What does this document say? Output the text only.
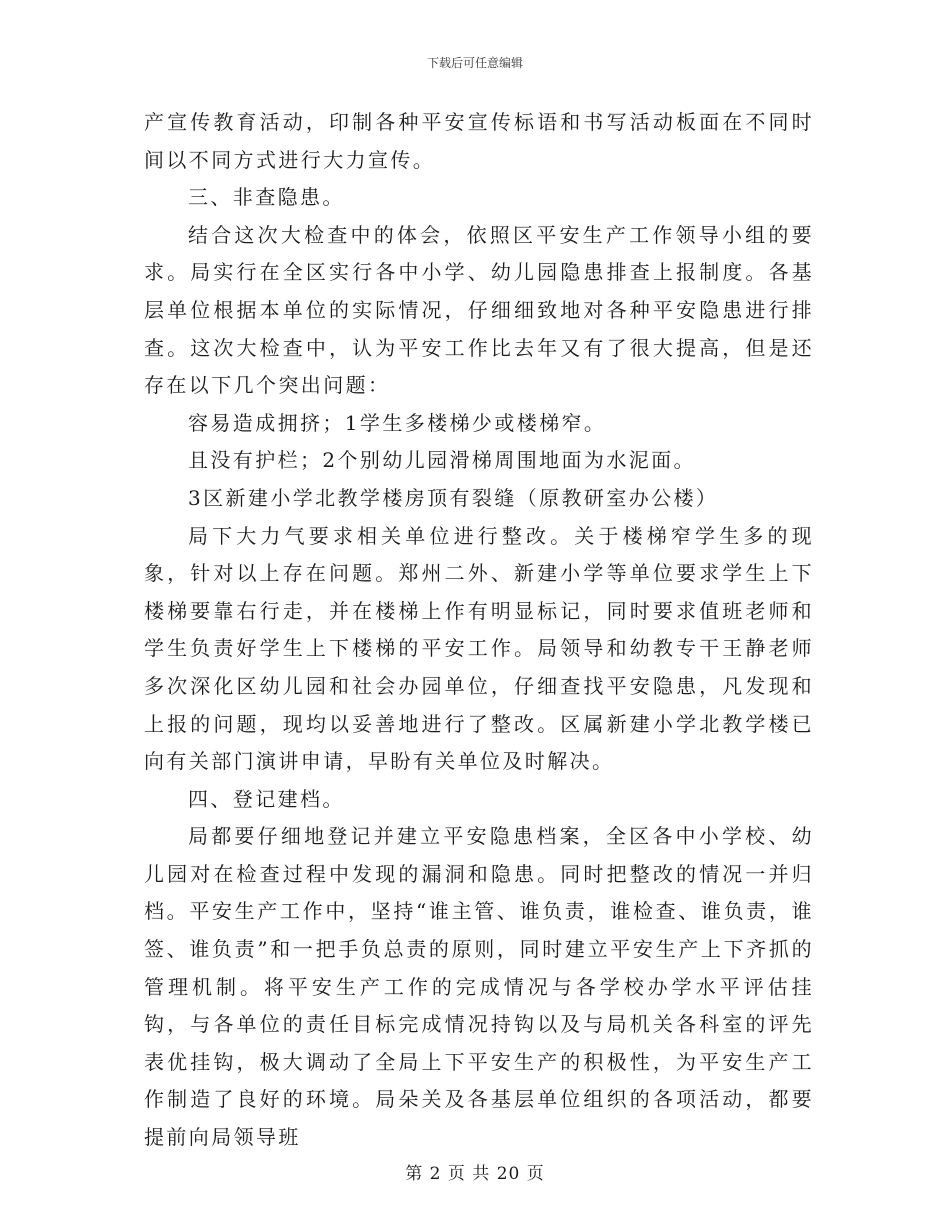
下载后可任意编辑

产宣传教育活动，印制各种平安宣传标语和书写活动板面在不同时间以不同方式进行大力宣传。

三、非查隐患。

结合这次大检查中的体会，依照区平安生产工作领导小组的要求。局实行在全区实行各中小学、幼儿园隐患排查上报制度。各基层单位根据本单位的实际情况，仔细细致地对各种平安隐患进行排查。这次大检查中，认为平安工作比去年又有了很大提高，但是还存在以下几个突出问题：

容易造成拥挤；1学生多楼梯少或楼梯窄。

且没有护栏；2个别幼儿园滑梯周围地面为水泥面。

3区新建小学北教学楼房顶有裂缝（原教研室办公楼）

局下大力气要求相关单位进行整改。关于楼梯窄学生多的现象，针对以上存在问题。郑州二外、新建小学等单位要求学生上下楼梯要靠右行走，并在楼梯上作有明显标记，同时要求值班老师和学生负责好学生上下楼梯的平安工作。局领导和幼教专干王静老师多次深化区幼儿园和社会办园单位，仔细查找平安隐患，凡发现和上报的问题，现均以妥善地进行了整改。区属新建小学北教学楼已向有关部门演讲申请，早盼有关单位及时解决。

四、登记建档。

局都要仔细地登记并建立平安隐患档案，全区各中小学校、幼儿园对在检查过程中发现的漏洞和隐患。同时把整改的情况一并归档。平安生产工作中，坚持“谁主管、谁负责，谁检查、谁负责，谁签、谁负责”和一把手负总责的原则，同时建立平安生产上下齐抓的管理机制。将平安生产工作的完成情况与各学校办学水平评估挂钩，与各单位的责任目标完成情况持钩以及与局机关各科室的评先表优挂钩，极大调动了全局上下平安生产的积极性，为平安生产工作制造了良好的环境。局朵关及各基层单位组织的各项活动，都要提前向局领导班

第 2 页 共 20 页
